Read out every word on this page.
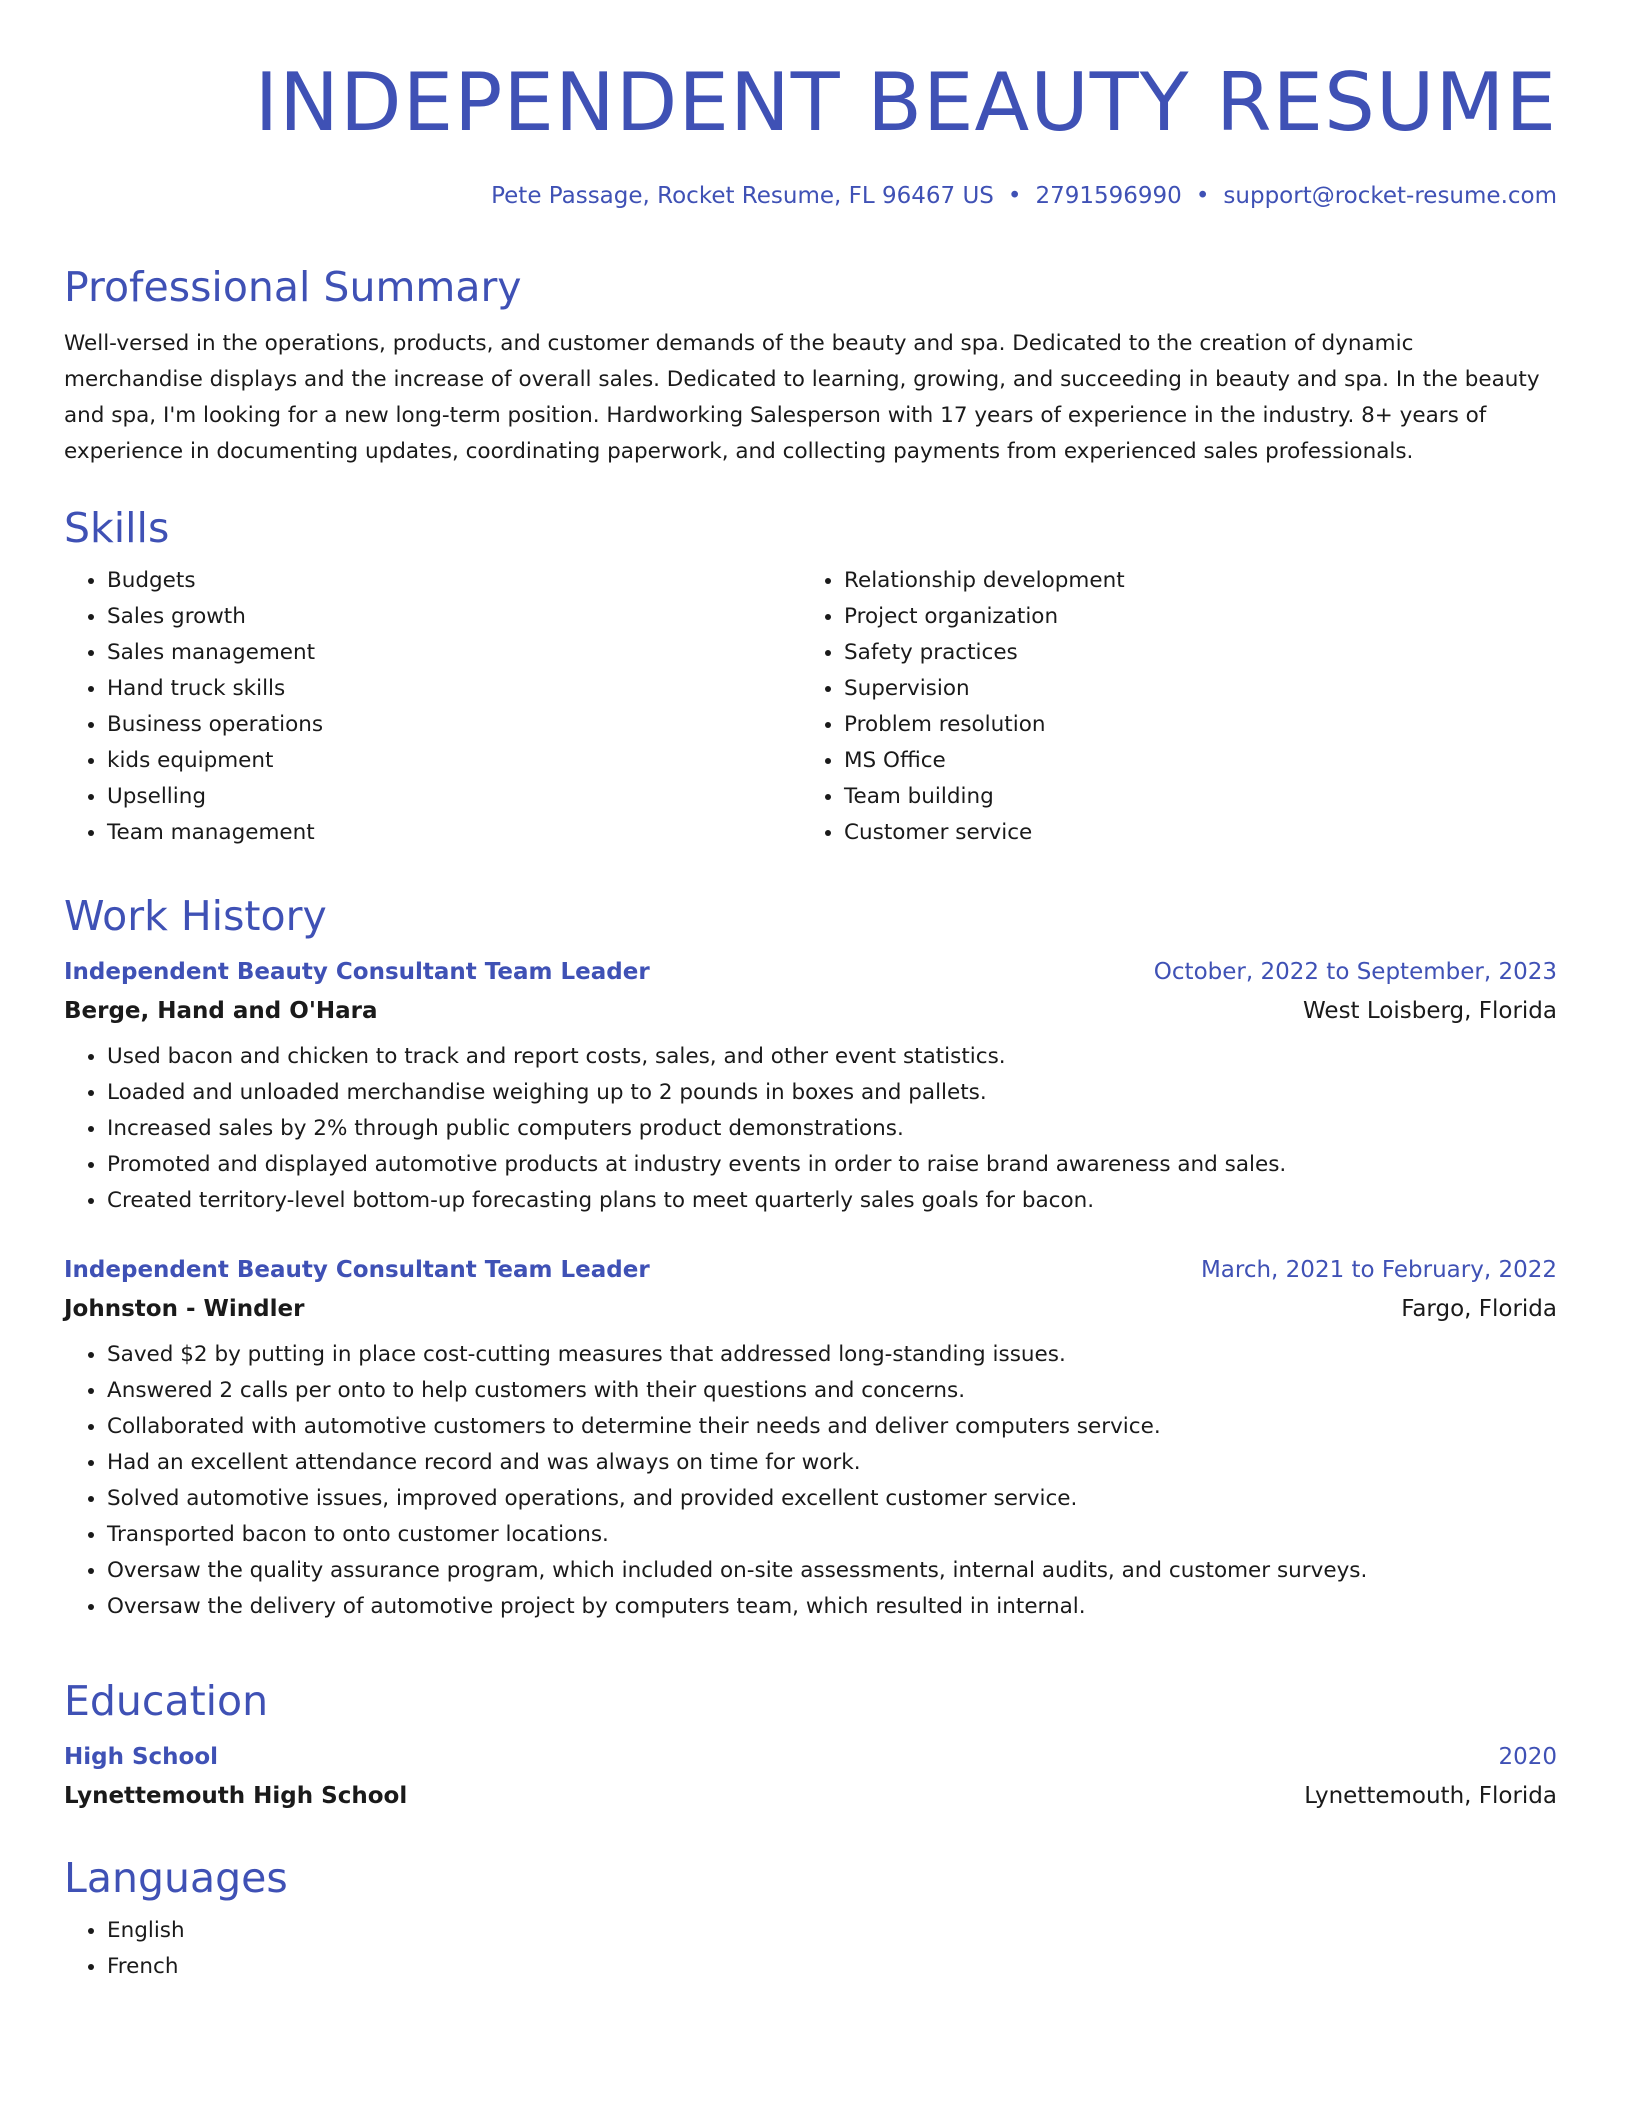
INDEPENDENT BEAUTY RESUME
Pete Passage, Rocket Resume, FL 96467 US • 2791596990 • support@rocket-resume.com
Professional Summary

Well-versed in the operations, products, and customer demands of the beauty and spa. Dedicated to the creation of dynamic merchandise displays and the increase of overall sales. Dedicated to learning, growing, and succeeding in beauty and spa. In the beauty and spa, I'm looking for a new long-term position. Hardworking Salesperson with 17 years of experience in the industry. 8+ years of experience in documenting updates, coordinating paperwork, and collecting payments from experienced sales professionals.

Skills
• Budgets
• Sales growth
• Sales management
• Hand truck skills
• Business operations
• kids equipment
• Upselling
• Team management
• Relationship development
• Project organization
• Safety practices
• Supervision
• Problem resolution
• MS Office
• Team building
• Customer service
Work History
Independent Beauty Consultant Team Leader	October, 2022 to September, 2023
Berge, Hand and O'Hara	West Loisberg, Florida
• Used bacon and chicken to track and report costs, sales, and other event statistics.
• Loaded and unloaded merchandise weighing up to 2 pounds in boxes and pallets.
• Increased sales by 2% through public computers product demonstrations.
• Promoted and displayed automotive products at industry events in order to raise brand awareness and sales.
• Created territory-level bottom-up forecasting plans to meet quarterly sales goals for bacon.
Independent Beauty Consultant Team Leader	March, 2021 to February, 2022
Johnston - Windler	Fargo, Florida
• Saved $2 by putting in place cost-cutting measures that addressed long-standing issues.
• Answered 2 calls per onto to help customers with their questions and concerns.
• Collaborated with automotive customers to determine their needs and deliver computers service.
• Had an excellent attendance record and was always on time for work.
• Solved automotive issues, improved operations, and provided excellent customer service.
• Transported bacon to onto customer locations.
• Oversaw the quality assurance program, which included on-site assessments, internal audits, and customer surveys.
• Oversaw the delivery of automotive project by computers team, which resulted in internal.
Education
High School	2020
Lynettemouth High School	Lynettemouth, Florida
Languages
• English
• French
